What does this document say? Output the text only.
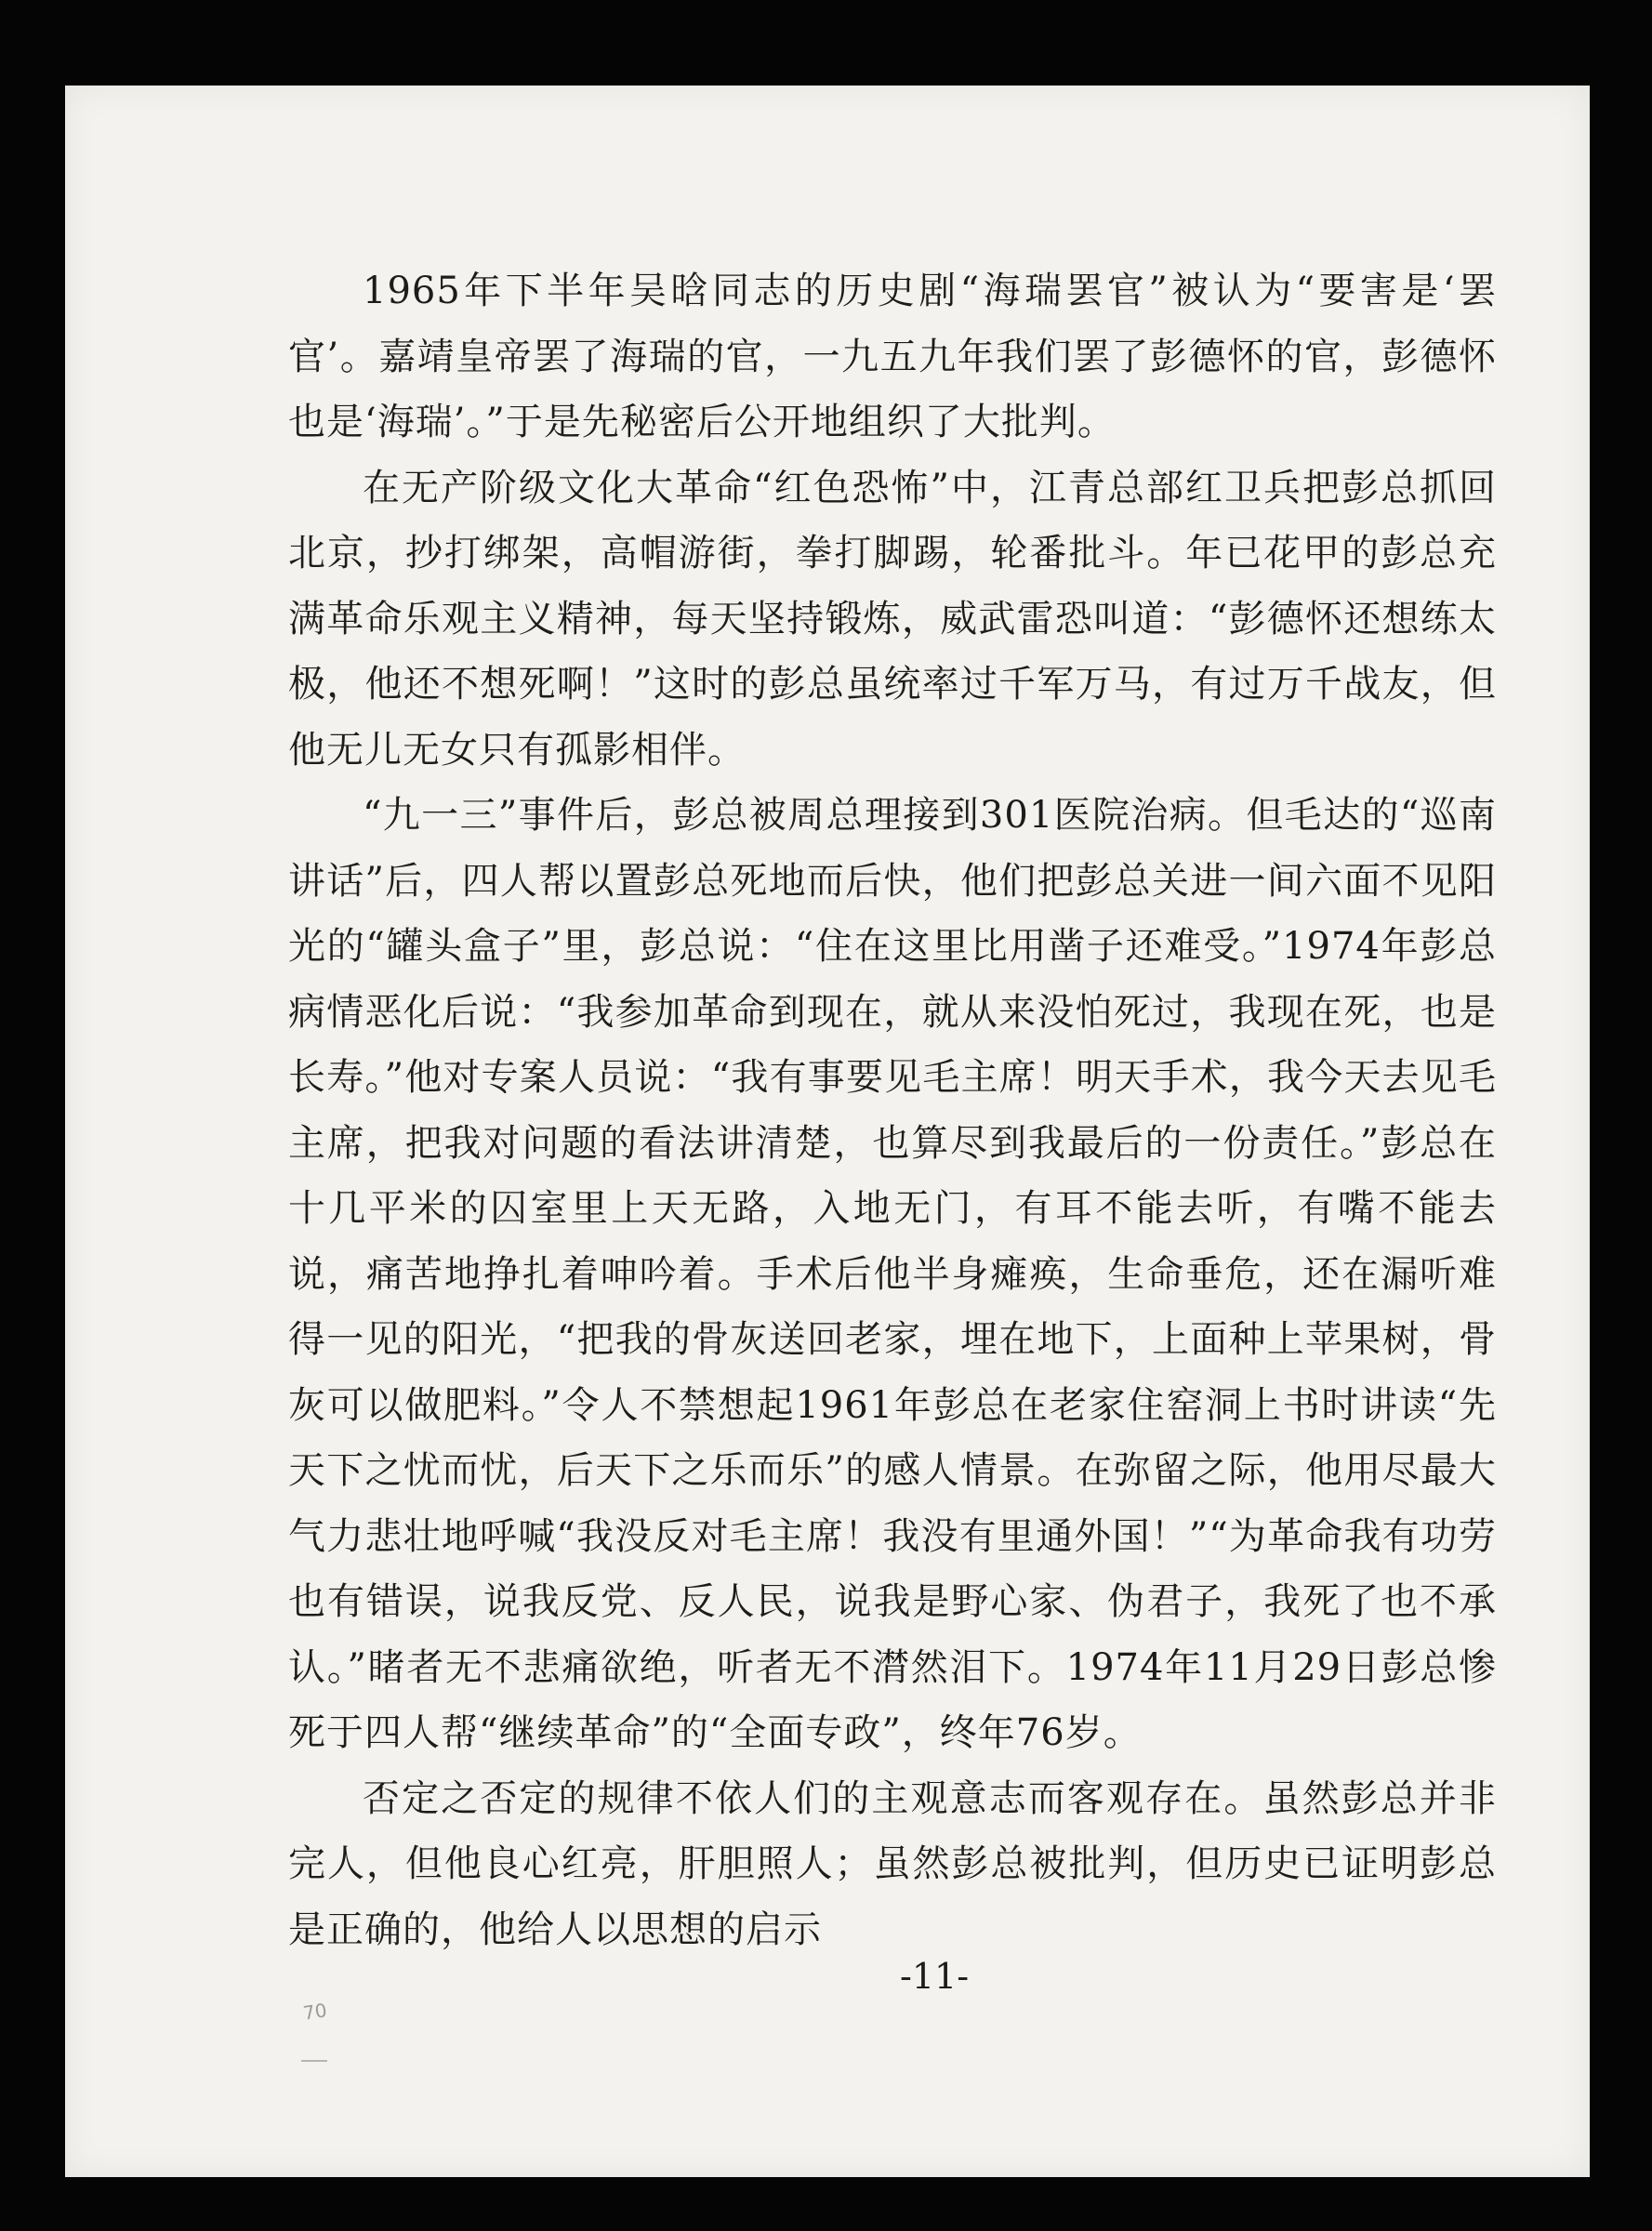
1965年下半年吴晗同志的历史剧“海瑞罢官”被认为“要害是‘罢官’。嘉靖皇帝罢了海瑞的官，一九五九年我们罢了彭德怀的官，彭德怀也是‘海瑞’。”于是先秘密后公开地组织了大批判。

在无产阶级文化大革命“红色恐怖”中，江青总部红卫兵把彭总抓回北京，抄打绑架，高帽游街，拳打脚踢，轮番批斗。年已花甲的彭总充满革命乐观主义精神，每天坚持锻炼，威武雷恐叫道：“彭德怀还想练太极，他还不想死啊！”这时的彭总虽统率过千军万马，有过万千战友，但他无儿无女只有孤影相伴。

“九一三”事件后，彭总被周总理接到301医院治病。但毛达的“巡南讲话”后，四人帮以置彭总死地而后快，他们把彭总关进一间六面不见阳光的“罐头盒子”里，彭总说：“住在这里比用凿子还难受。”1974年彭总病情恶化后说：“我参加革命到现在，就从来没怕死过，我现在死，也是长寿。”他对专案人员说：“我有事要见毛主席！明天手术，我今天去见毛主席，把我对问题的看法讲清楚，也算尽到我最后的一份责任。”彭总在十几平米的囚室里上天无路，入地无门，有耳不能去听，有嘴不能去说，痛苦地挣扎着呻吟着。手术后他半身瘫痪，生命垂危，还在漏听难得一见的阳光，“把我的骨灰送回老家，埋在地下，上面种上苹果树，骨灰可以做肥料。”令人不禁想起1961年彭总在老家住窑洞上书时讲读“先天下之忧而忧，后天下之乐而乐”的感人情景。在弥留之际，他用尽最大气力悲壮地呼喊“我没反对毛主席！我没有里通外国！”“为革命我有功劳也有错误，说我反党、反人民，说我是野心家、伪君子，我死了也不承认。”睹者无不悲痛欲绝，听者无不潸然泪下。1974年11月29日彭总惨死于四人帮“继续革命”的“全面专政”，终年76岁。

否定之否定的规律不依人们的主观意志而客观存在。虽然彭总并非完人，但他良心红亮，肝胆照人；虽然彭总被批判，但历史已证明彭总是正确的，他给人以思想的启示

-11-
70
